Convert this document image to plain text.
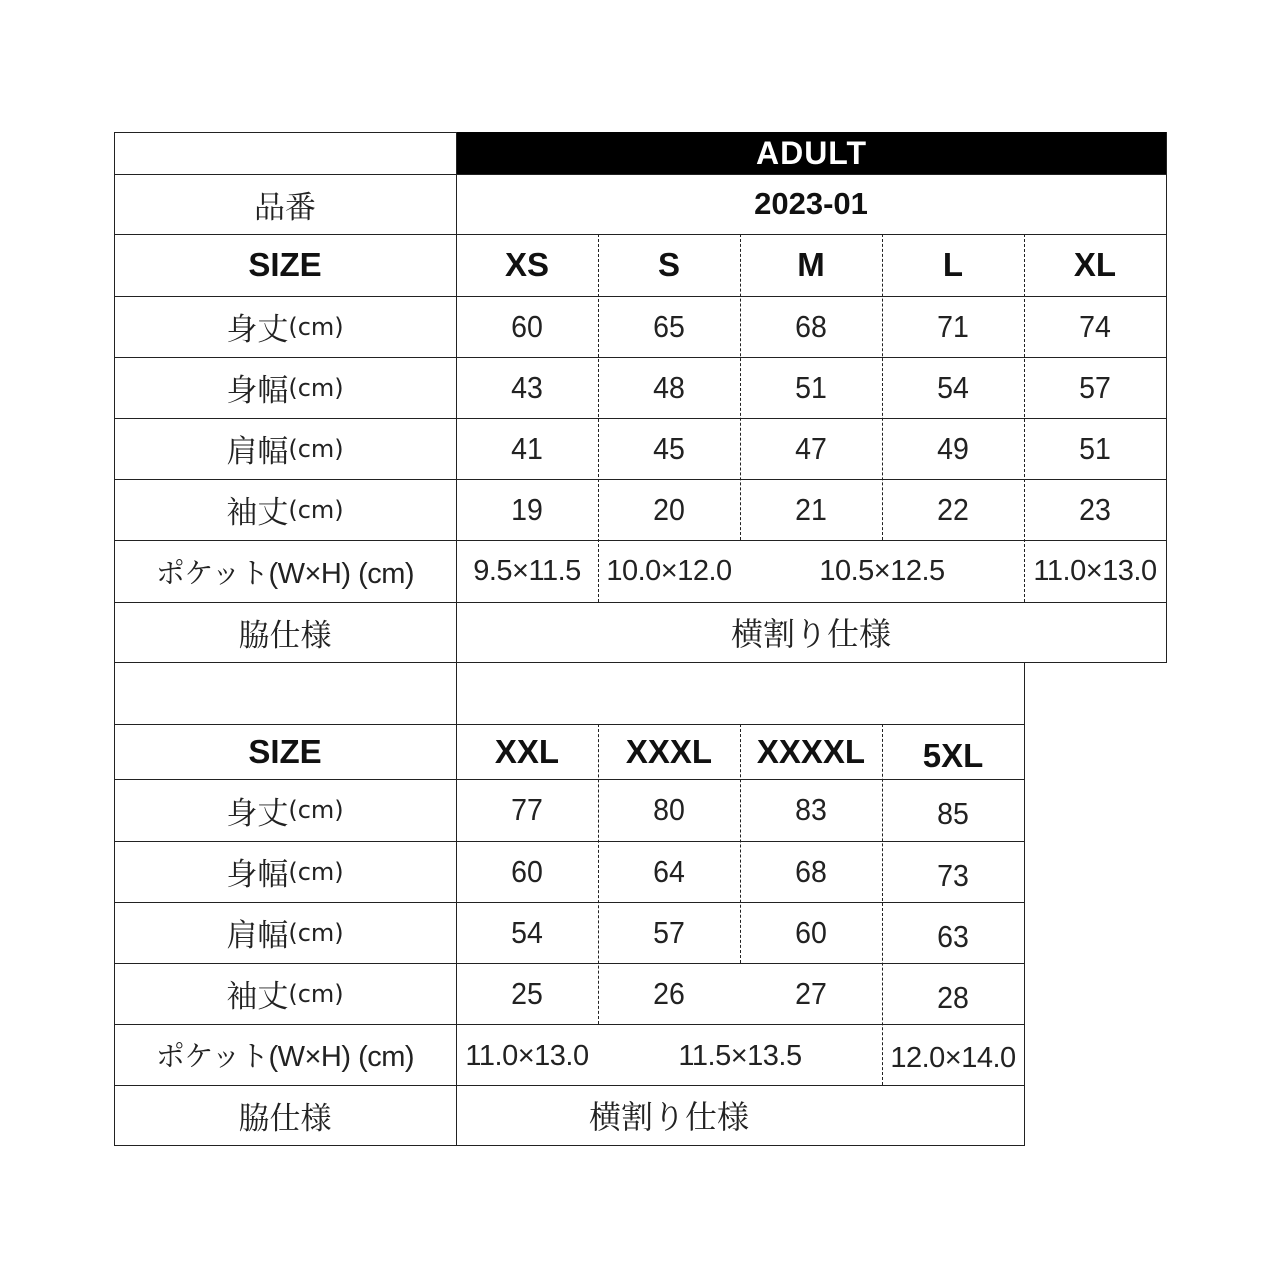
ADULT
品番	2023-01
SIZE	XS	S	M	L	XL
身丈 (cm)	60	65	68	71	74
身幅 (cm)	43	48	51	54	57
肩幅 (cm)	41	45	47	49	51
袖丈 (cm)	19	20	21	22	23
ポケット(W×H) (cm)	9.5×11.5 10.0×12.0	10.5×12.5	11.0×13.0
脇仕様	横割り仕様
SIZE	XXL	XXXL	XXXXL	5XL
身丈 (cm)	77	80	83	85
身幅 (cm)	60	64	68	73
肩幅 (cm)	54	57	60	63
袖丈 (cm)	25	26	27	28
ポケット(W×H) (cm)	11.0×13.0	11.5×13.5	12.0×14.0
脇仕様	横割り仕様
